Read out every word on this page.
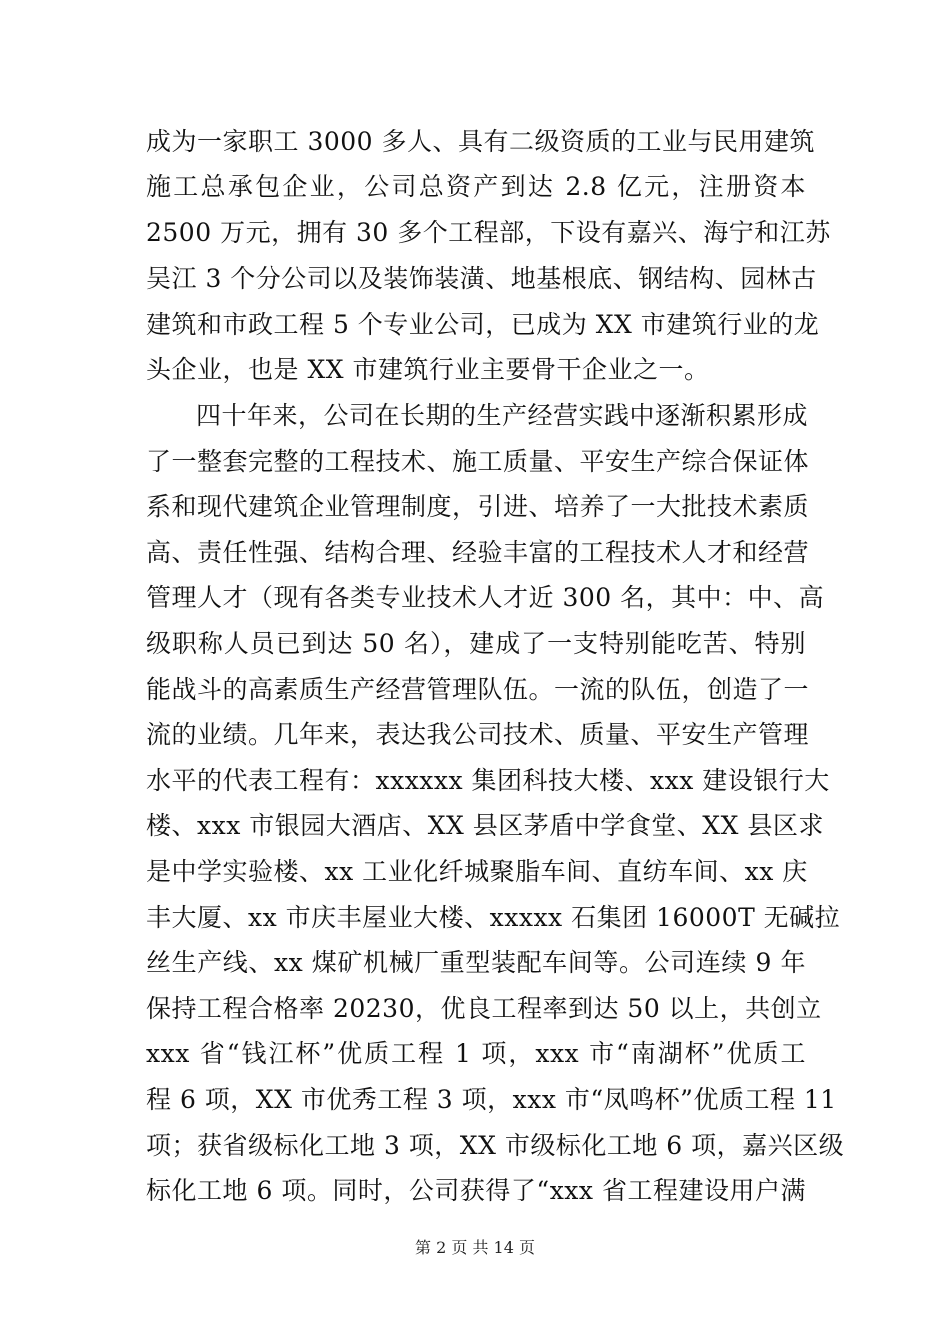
成为一家职工 3000 多人、具有二级资质的工业与民用建筑
施工总承包企业，公司总资产到达 2.8 亿元，注册资本
2500 万元，拥有 30 多个工程部，下设有嘉兴、海宁和江苏
吴江 3 个分公司以及装饰装潢、地基根底、钢结构、园林古
建筑和市政工程 5 个专业公司，已成为 XX 市建筑行业的龙
头企业，也是 XX 市建筑行业主要骨干企业之一。
四十年来，公司在长期的生产经营实践中逐渐积累形成
了一整套完整的工程技术、施工质量、平安生产综合保证体
系和现代建筑企业管理制度，引进、培养了一大批技术素质
高、责任性强、结构合理、经验丰富的工程技术人才和经营
管理人才（现有各类专业技术人才近 300 名，其中：中、高
级职称人员已到达 50 名），建成了一支特别能吃苦、特别
能战斗的高素质生产经营管理队伍。一流的队伍，创造了一
流的业绩。几年来，表达我公司技术、质量、平安生产管理
水平的代表工程有：xxxxxx 集团科技大楼、xxx 建设银行大
楼、xxx 市银园大酒店、XX 县区茅盾中学食堂、XX 县区求
是中学实验楼、xx 工业化纤城聚脂车间、直纺车间、xx 庆
丰大厦、xx 市庆丰屋业大楼、xxxxx 石集团 16000T 无碱拉
丝生产线、xx 煤矿机械厂重型装配车间等。公司连续 9 年
保持工程合格率 20230，优良工程率到达 50 以上，共创立
xxx 省“钱江杯”优质工程 1 项，xxx 市“南湖杯”优质工
程 6 项，XX 市优秀工程 3 项，xxx 市“凤鸣杯”优质工程 11
项；获省级标化工地 3 项，XX 市级标化工地 6 项，嘉兴区级
标化工地 6 项。同时，公司获得了“xxx 省工程建设用户满
第 2 页 共 14 页
